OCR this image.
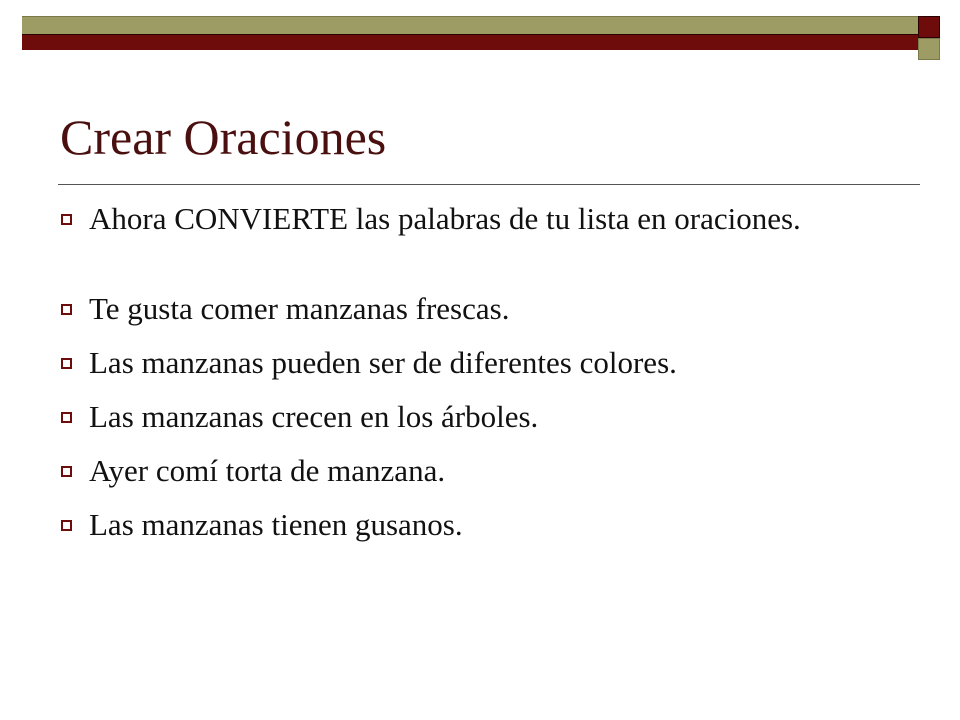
Crear Oraciones
Ahora CONVIERTE las palabras de tu lista en oraciones.
Te gusta comer manzanas frescas.
Las manzanas pueden ser de diferentes colores.
Las manzanas crecen en los árboles.
Ayer comí torta de manzana.
Las manzanas tienen gusanos.
